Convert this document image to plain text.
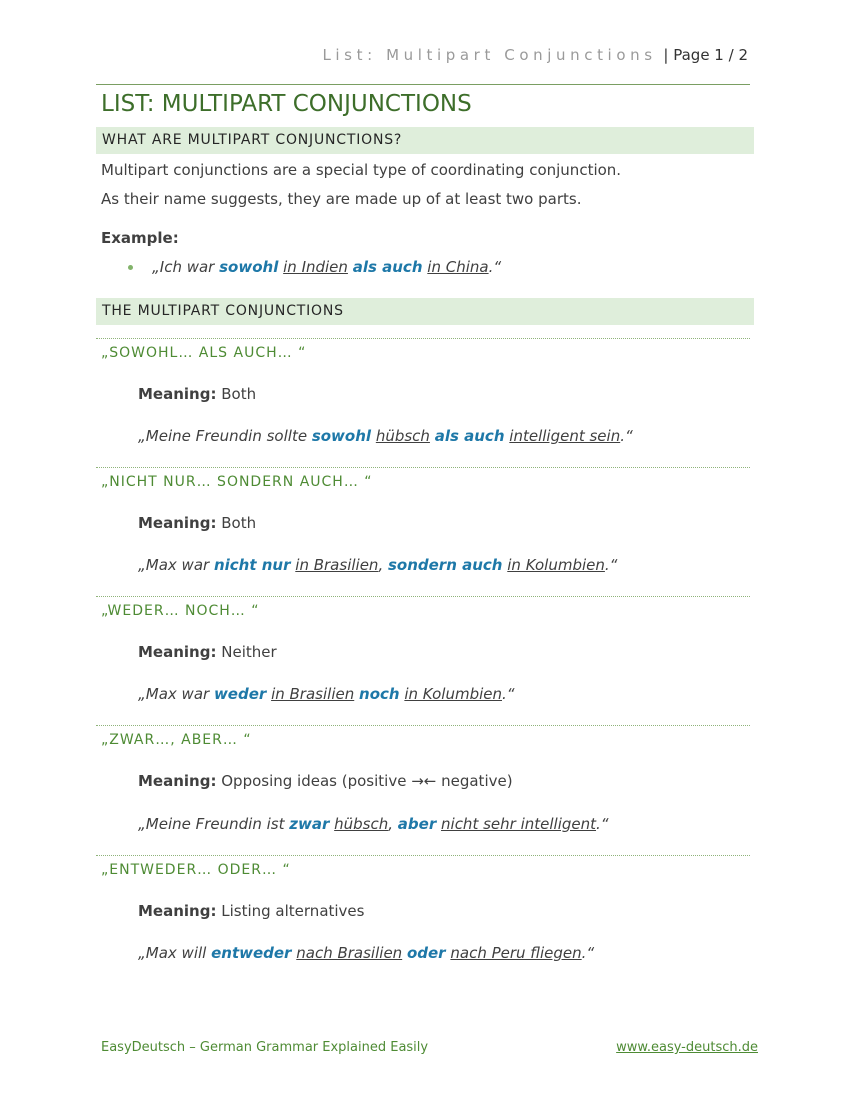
List: Multipart Conjunctions | Page 1 / 2
LIST: MULTIPART CONJUNCTIONS
WHAT ARE MULTIPART CONJUNCTIONS?
Multipart conjunctions are a special type of coordinating conjunction.
As their name suggests, they are made up of at least two parts.
Example:
„Ich war sowohl in Indien als auch in China.“
THE MULTIPART CONJUNCTIONS
„SOWOHL… ALS AUCH… “
Meaning: Both
„Meine Freundin sollte sowohl hübsch als auch intelligent sein.“
„NICHT NUR… SONDERN AUCH… “
Meaning: Both
„Max war nicht nur in Brasilien, sondern auch in Kolumbien.“
„WEDER… NOCH… “
Meaning: Neither
„Max war weder in Brasilien noch in Kolumbien.“
„ZWAR…, ABER… “
Meaning: Opposing ideas (positive →← negative)
„Meine Freundin ist zwar hübsch, aber nicht sehr intelligent.“
„ENTWEDER… ODER… “
Meaning: Listing alternatives
„Max will entweder nach Brasilien oder nach Peru fliegen.“
EasyDeutsch – German Grammar Explained Easily	www.easy-deutsch.de
